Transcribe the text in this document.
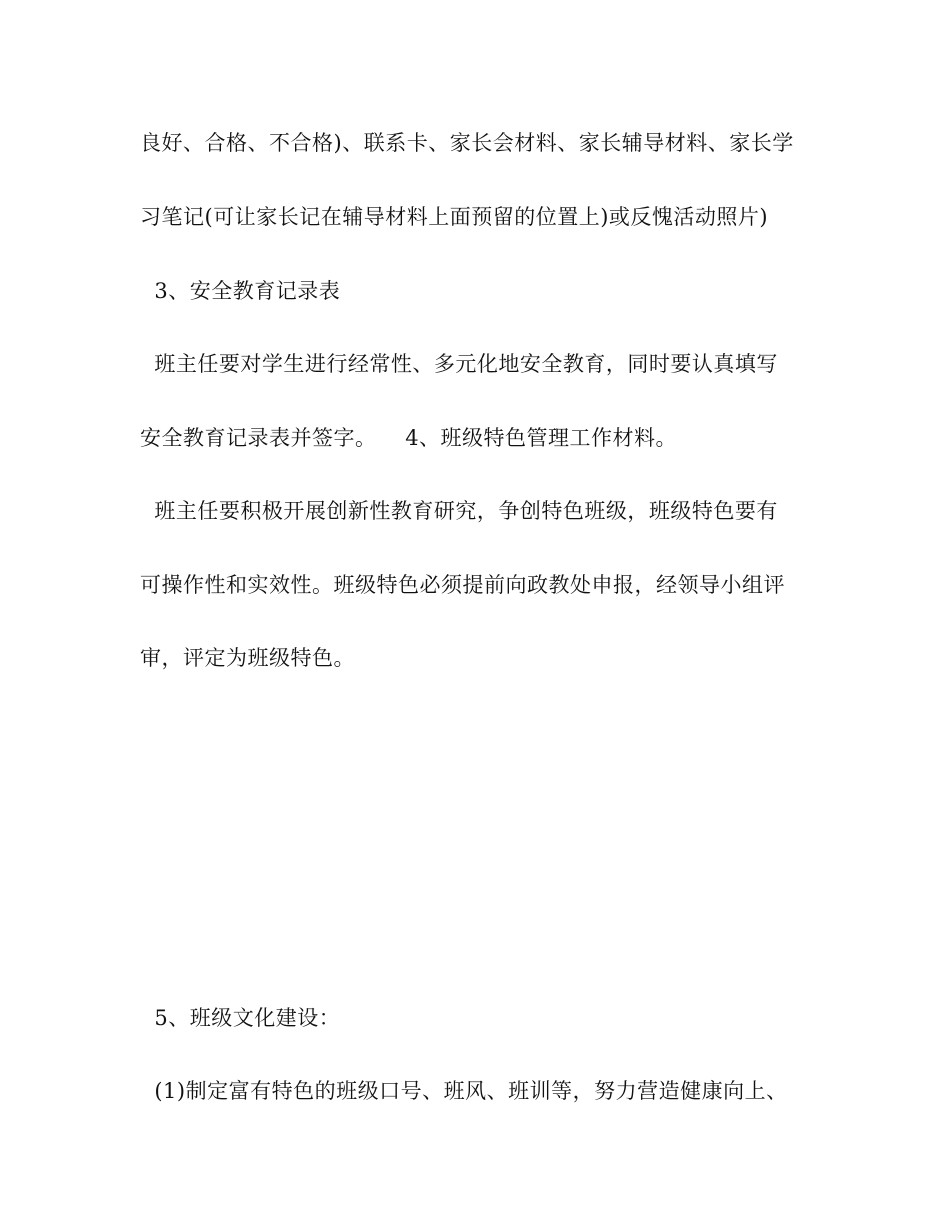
良好、合格、不合格)、联系卡、家长会材料、家长辅导材料、家长学
习笔记(可让家长记在辅导材料上面预留的位置上)或反愧活动照片)
3、安全教育记录表
班主任要对学生进行经常性、多元化地安全教育，同时要认真填写
安全教育记录表并签字。    4、班级特色管理工作材料。
班主任要积极开展创新性教育研究，争创特色班级，班级特色要有
可操作性和实效性。班级特色必须提前向政教处申报，经领导小组评
审，评定为班级特色。
5、班级文化建设：
(1)制定富有特色的班级口号、班风、班训等，努力营造健康向上、
